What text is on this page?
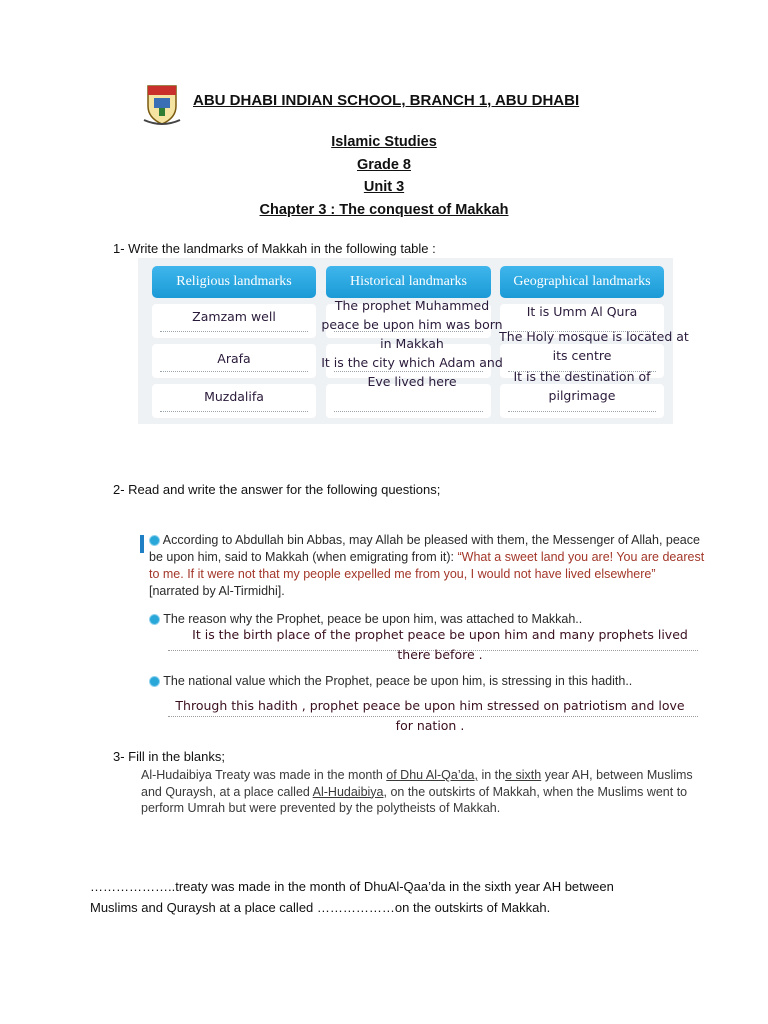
ABU DHABI INDIAN SCHOOL, BRANCH 1, ABU DHABI
Islamic Studies
Grade 8
Unit 3
Chapter 3 : The conquest of Makkah
1- Write the landmarks of Makkah in the following table :
Religious landmarks	Historical landmarks	Geographical landmarks
Zamzam well
Arafa
Muzdalifa
The prophet Muhammed
peace be upon him was born
in Makkah
It is the city which Adam and
Eve lived here
It is Umm Al Qura
The Holy mosque is located at
its centre
It is the destination of
pilgrimage
2- Read and write the answer for the following questions;
According to Abdullah bin Abbas, may Allah be pleased with them, the Messenger of Allah, peace be upon him, said to Makkah (when emigrating from it): “What a sweet land you are! You are dearest to me. If it were not that my people expelled me from you, I would not have lived elsewhere” [narrated by Al-Tirmidhi].
The reason why the Prophet, peace be upon him, was attached to Makkah..
It is the birth place of the prophet peace be upon him and many prophets lived
there before .
The national value which the Prophet, peace be upon him, is stressing in this hadith..
Through this hadith , prophet peace be upon him stressed on patriotism and love
for nation .
3- Fill in the blanks;
Al-Hudaibiya Treaty was made in the month of Dhu Al-Qa’da, in the sixth year AH, between Muslims and Quraysh, at a place called Al-Hudaibiya, on the outskirts of Makkah, when the Muslims went to perform Umrah but were prevented by the polytheists of Makkah.
………………..treaty was made in the month of DhuAl-Qaa’da in the sixth year AH between
Muslims and Quraysh at a place called ………………on the outskirts of Makkah.
